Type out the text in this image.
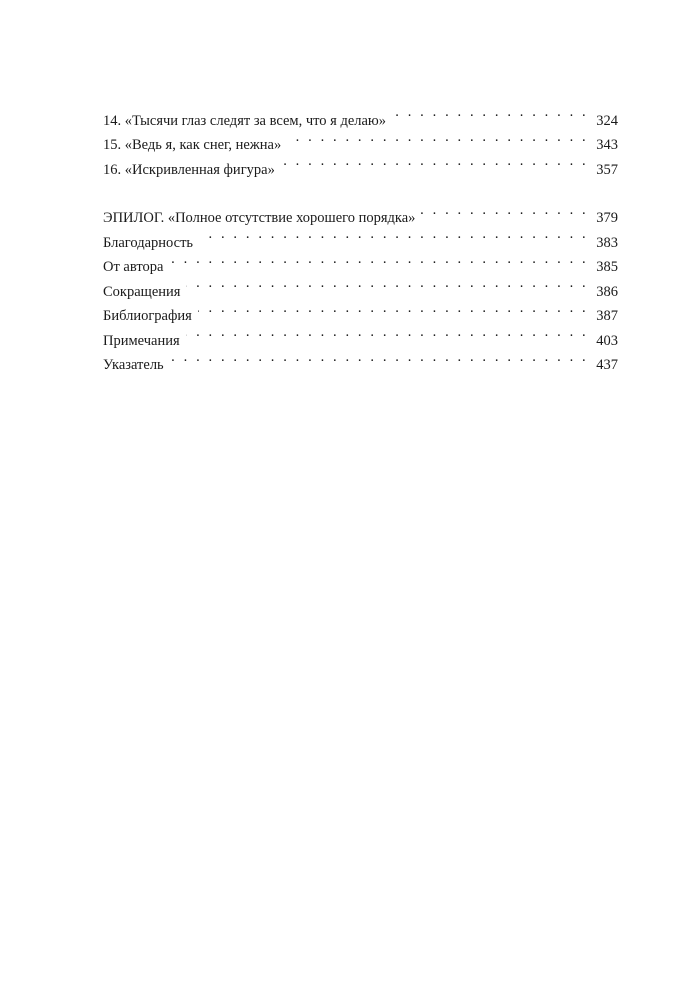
14. «Тысячи глаз следят за всем, что я делаю» . . .	324
15. «Ведь я, как снег, нежна» . . .	343
16. «Искривленная фигура» . . .	357
ЭПИЛОГ. «Полное отсутствие хорошего порядка» . . .	379
Благодарность . . .	383
От автора . . .	385
Сокращения . . .	386
Библиография . . .	387
Примечания . . .	403
Указатель . . .	437
